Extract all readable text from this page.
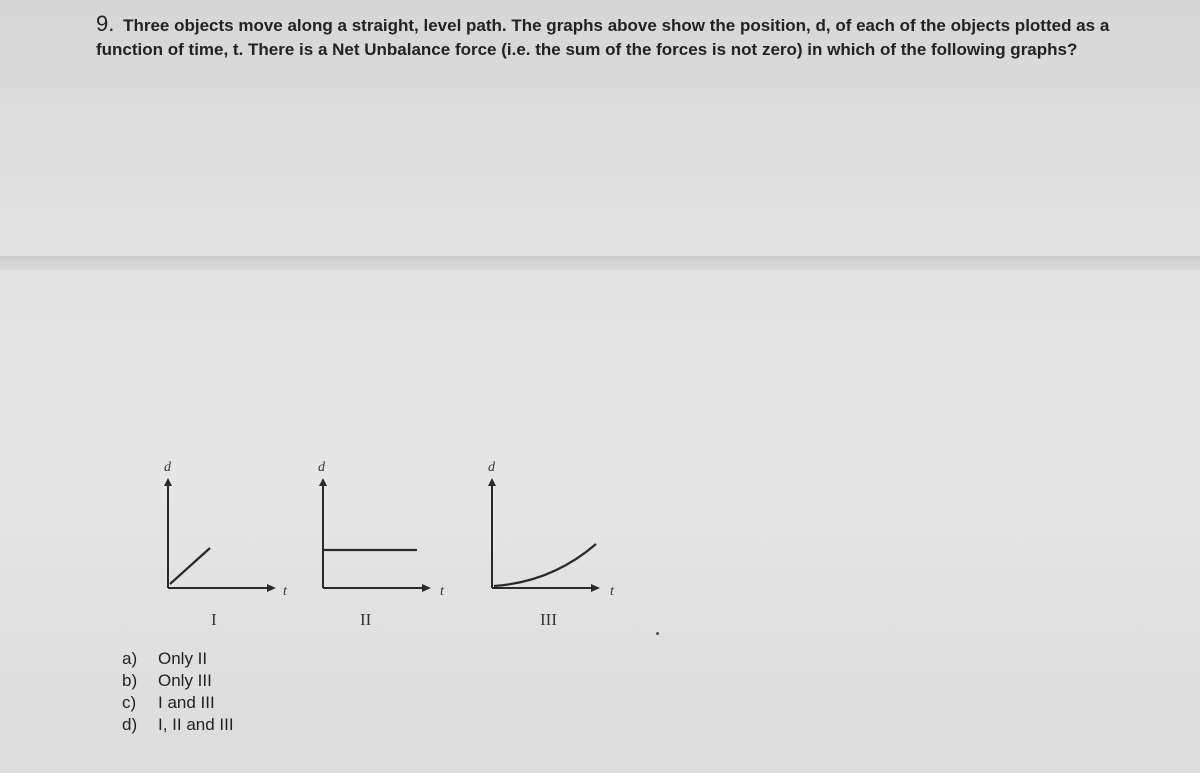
9. Three objects move along a straight, level path. The graphs above show the position, d, of each of the objects plotted as a function of time, t. There is a Net Unbalance force (i.e. the sum of the forces is not zero) in which of the following graphs?
d
t
I
d
t
II
d
t
III
a) Only II
b) Only III
c) I and III
d) I, II and III
